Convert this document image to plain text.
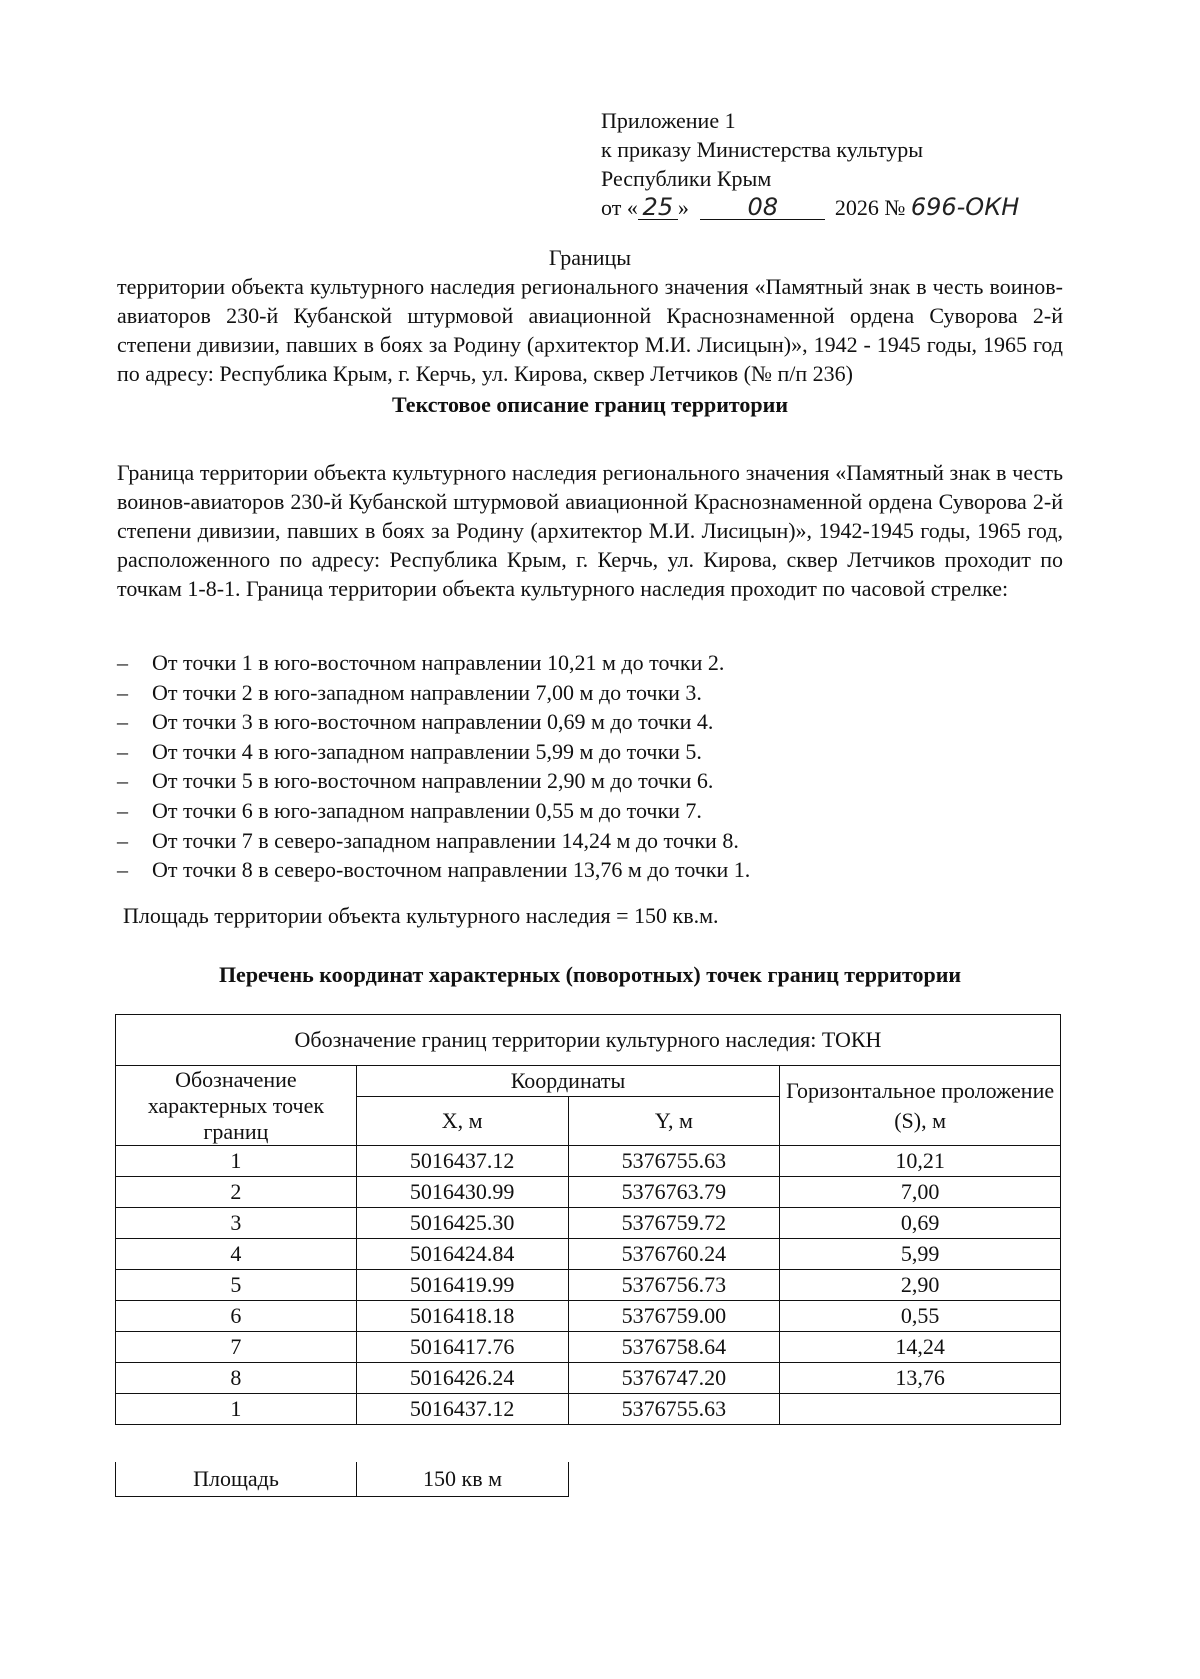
Приложение 1
к приказу Министерства культуры
Республики Крым
от « 25 » 08	2026 № 696-ОКН
Границы
территории объекта культурного наследия регионального значения «Памятный знак в честь воинов-авиаторов 230-й Кубанской штурмовой авиационной Краснознаменной ордена Суворова 2-й степени дивизии, павших в боях за Родину (архитектор М.И. Лисицын)», 1942 - 1945 годы, 1965 год по адресу: Республика Крым, г. Керчь, ул. Кирова, сквер Летчиков (№ п/п 236)
Текстовое описание границ территории
Граница территории объекта культурного наследия регионального значения «Памятный знак в честь воинов-авиаторов 230-й Кубанской штурмовой авиационной Краснознаменной ордена Суворова 2-й степени дивизии, павших в боях за Родину (архитектор М.И. Лисицын)», 1942-1945 годы, 1965 год, расположенного по адресу: Республика Крым, г. Керчь, ул. Кирова, сквер Летчиков проходит по точкам 1-8-1. Граница территории объекта культурного наследия проходит по часовой стрелке:
– От точки 1 в юго-восточном направлении 10,21 м до точки 2.
– От точки 2 в юго-западном направлении 7,00 м до точки 3.
– От точки 3 в юго-восточном направлении 0,69 м до точки 4.
– От точки 4 в юго-западном направлении 5,99 м до точки 5.
– От точки 5 в юго-восточном направлении 2,90 м до точки 6.
– От точки 6 в юго-западном направлении 0,55 м до точки 7.
– От точки 7 в северо-западном направлении 14,24 м до точки 8.
– От точки 8 в северо-восточном направлении 13,76 м до точки 1.
Площадь территории объекта культурного наследия = 150 кв.м.
Перечень координат характерных (поворотных) точек границ территории
Обозначение границ территории культурного наследия: ТОКН			
Обозначение характерных точек границ	Координаты		Горизонтальное проложение (S), м
	X, м	Y, м	
1	5016437.12	5376755.63	10,21
2	5016430.99	5376763.79	7,00
3	5016425.30	5376759.72	0,69
4	5016424.84	5376760.24	5,99
5	5016419.99	5376756.73	2,90
6	5016418.18	5376759.00	0,55
7	5016417.76	5376758.64	14,24
8	5016426.24	5376747.20	13,76
1	5016437.12	5376755.63	
Площадь	150 кв м
